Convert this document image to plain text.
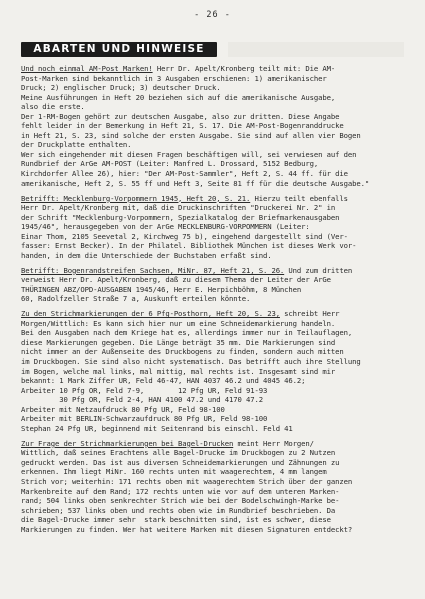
- 26 -
ABARTEN UND HINWEISE
Und noch einmal AM-Post Marken! Herr Dr. Apelt/Kronberg teilt mit: Die AM-
Post-Marken sind bekanntlich in 3 Ausgaben erschienen: 1) amerikanischer
Druck; 2) englischer Druck; 3) deutscher Druck.
Meine Ausführungen in Heft 20 beziehen sich auf die amerikanische Ausgabe,
also die erste.
Der 1-RM-Bogen gehört zur deutschen Ausgabe, also zur dritten. Diese Angabe
fehlt leider in der Bemerkung in Heft 21, S. 17. Die AM-Post-Bogenranddrucke
in Heft 21, S. 23, sind solche der ersten Ausgabe. Sie sind auf allen vier Bogen
der Druckplatte enthalten.
Wer sich eingehender mit diesen Fragen beschäftigen will, sei verwiesen auf den
Rundbrief der ArGe AM-POST (Leiter: Manfred L. Drossard, 5152 Bedburg,
Kirchdorfer Allee 26), hier: "Der AM-Post-Sammler", Heft 2, S. 44 ff. für die
amerikanische, Heft 2, S. 55 ff und Heft 3, Seite 81 ff für die deutsche Ausgabe."
Betrifft: Mecklenburg-Vorpommern 1945, Heft 20, S. 21. Hierzu teilt ebenfalls
Herr Dr. Apelt/Kronberg mit, daß die Druckinschriften "Druckerei Nr. 2" in
der Schrift "Mecklenburg-Vorpommern, Spezialkatalog der Briefmarkenausgaben
1945/46", herausgegeben von der ArGe MECKLENBURG-VORPOMMERN (Leiter:
Einar Thom, 2105 Seevetal 2, Kirchweg 75 b), eingehend dargestellt sind (Ver-
fasser: Ernst Becker). In der Philatel. Bibliothek München ist dieses Werk vor-
handen, in dem die Unterschiede der Buchstaben erfaßt sind.
Betrifft: Bogenrandstreifen Sachsen, MiNr. 87, Heft 21, S. 26. Und zum dritten
verweist Herr Dr. Apelt/Kronberg, daß zu diesem Thema der Leiter der ArGe
THÜRINGEN ABZ/OPD-AUSGABEN 1945/46, Herr E. Herpichböhm, 8 München
60, Radolfzeller Straße 7 a, Auskunft erteilen könnte.
Zu den Strichmarkierungen der 6 Pfg-Posthorn, Heft 20, S. 23, schreibt Herr
Morgen/Wittlich: Es kann sich hier nur um eine Schneidemarkierung handeln.
Bei den Ausgaben nach dem Kriege hat es, allerdings immer nur in Teilauflagen,
diese Markierungen gegeben. Die Länge beträgt 35 mm. Die Markierungen sind
nicht immer an der Außenseite des Druckbogens zu finden, sondern auch mitten
im Druckbogen. Sie sind also nicht systematisch. Das betrifft auch ihre Stellung
im Bogen, welche mal links, mal mittig, mal rechts ist. Insgesamt sind mir
bekannt: 1 Mark Ziffer UR, Feld 46-47, HAN 4037 46.2 und 4045 46.2;
Arbeiter 10 Pfg OR, Feld 7-9,        12 Pfg UR, Feld 91-93
30 Pfg OR, Feld 2-4, HAN 4100 47.2 und 4170 47.2
Arbeiter mit Netzaufdruck 80 Pfg UR, Feld 98-100
Arbeiter mit BERLIN-Schwarzaufdruck 80 Pfg UR, Feld 98-100
Stephan 24 Pfg UR, beginnend mit Seitenrand bis einschl. Feld 41
Zur Frage der Strichmarkierungen bei Bagel-Drucken meint Herr Morgen/
Wittlich, daß seines Erachtens alle Bagel-Drucke im Druckbogen zu 2 Nutzen
gedruckt werden. Das ist aus diversen Schneidemarkierungen und Zähnungen zu
erkennen. Ihm liegt MiNr. 160 rechts unten mit waagerechtem, 4 mm langem
Strich vor; weiterhin: 171 rechts oben mit waagerechtem Strich über der ganzen
Markenbreite auf dem Rand; 172 rechts unten wie vor auf dem unteren Marken-
rand; 504 links oben senkrechter Strich wie bei der Bodelschwingh-Marke be-
schrieben; 537 links oben und rechts oben wie im Rundbrief beschrieben. Da
die Bagel-Drucke immer sehr  stark beschnitten sind, ist es schwer, diese
Markierungen zu finden. Wer hat weitere Marken mit diesen Signaturen entdeckt?
